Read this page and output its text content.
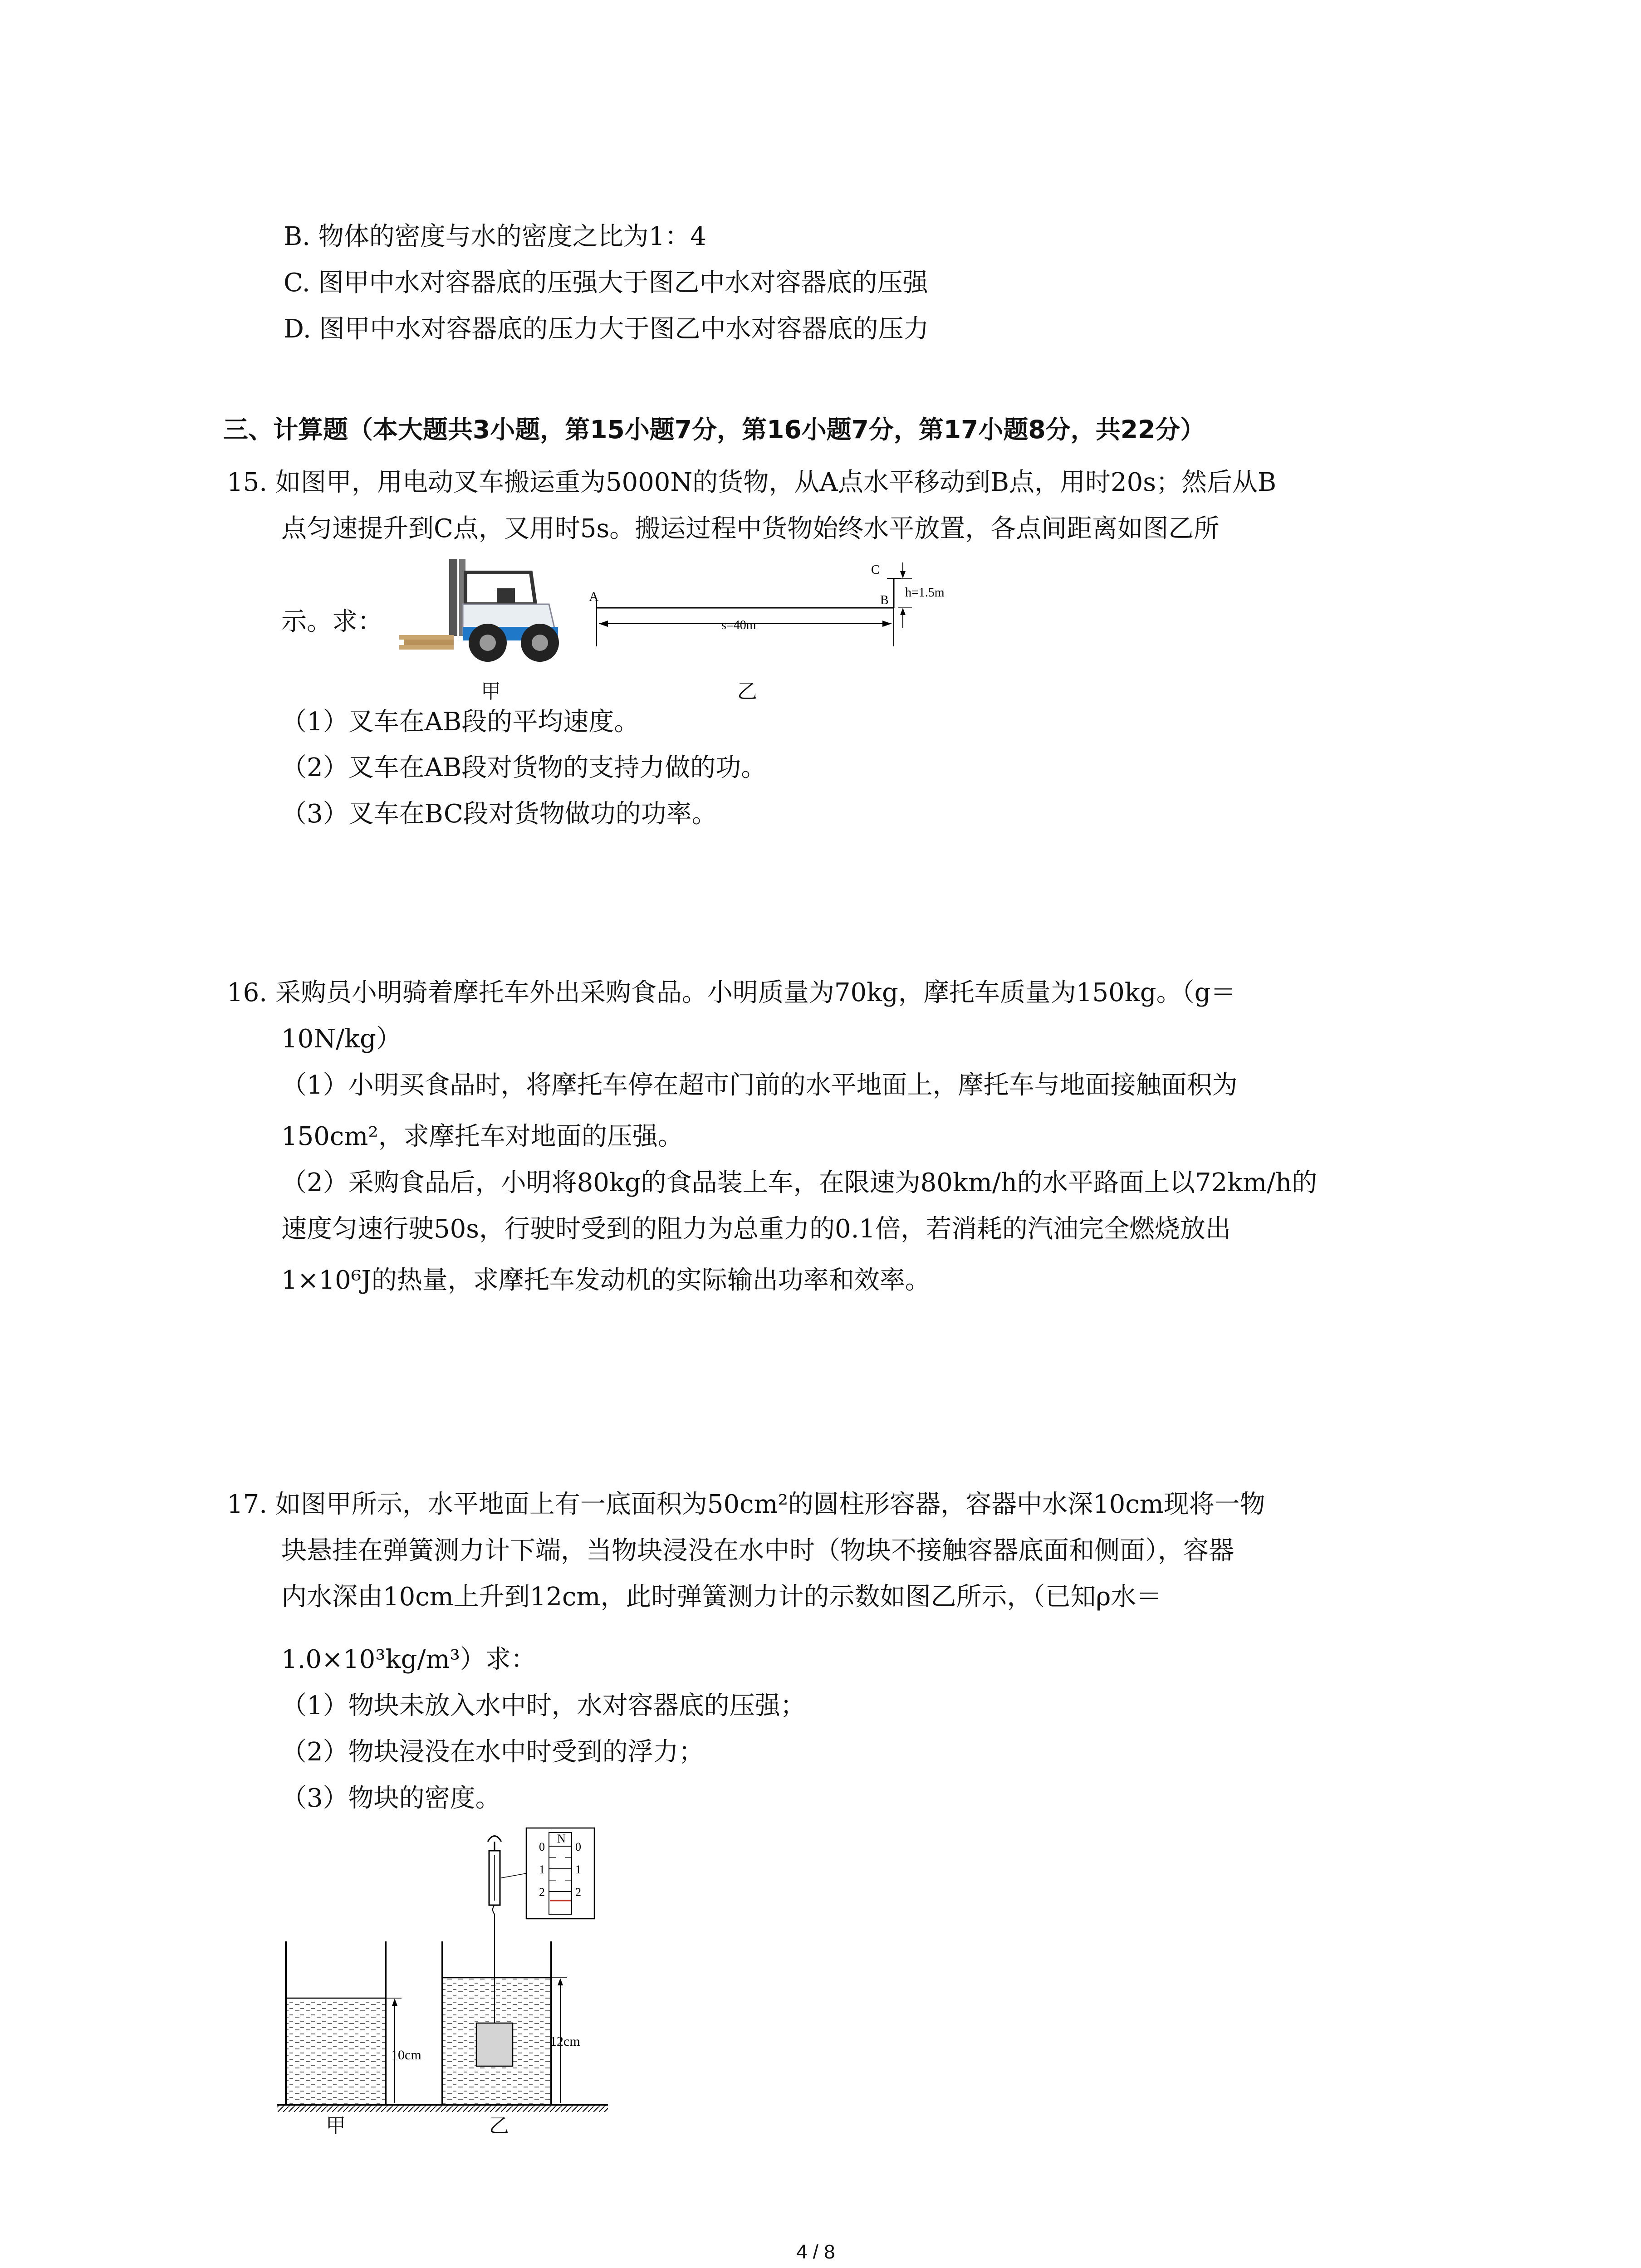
B. 物体的密度与水的密度之比为1：4
C. 图甲中水对容器底的压强大于图乙中水对容器底的压强
D. 图甲中水对容器底的压力大于图乙中水对容器底的压力
三、计算题（本大题共3小题，第15小题7分，第16小题7分，第17小题8分，共22分）
15. 如图甲，用电动叉车搬运重为5000N的货物，从A点水平移动到B点，用时20s；然后从B
点匀速提升到C点，又用时5s。搬运过程中货物始终水平放置，各点间距离如图乙所
示。求：
甲
A	B
C
s=40m
h=1.5m
乙
（1）叉车在AB段的平均速度。
（2）叉车在AB段对货物的支持力做的功。
（3）叉车在BC段对货物做功的功率。
16. 采购员小明骑着摩托车外出采购食品。小明质量为70kg，摩托车质量为150kg。（g＝
10N/kg）
（1）小明买食品时，将摩托车停在超市门前的水平地面上，摩托车与地面接触面积为
150cm²，求摩托车对地面的压强。
（2）采购食品后，小明将80kg的食品装上车，在限速为80km/h的水平路面上以72km/h的
速度匀速行驶50s，行驶时受到的阻力为总重力的0.1倍，若消耗的汽油完全燃烧放出
1×10⁶J的热量，求摩托车发动机的实际输出功率和效率。
17. 如图甲所示，水平地面上有一底面积为50cm²的圆柱形容器，容器中水深10cm现将一物
块悬挂在弹簧测力计下端，当物块浸没在水中时（物块不接触容器底面和侧面），容器
内水深由10cm上升到12cm，此时弹簧测力计的示数如图乙所示，（已知ρ水＝
1.0×10³kg/m³）求：
（1）物块未放入水中时，水对容器底的压强；
（2）物块浸没在水中时受到的浮力；
（3）物块的密度。
10cm
12cm
N
0
1
2
0
1
2
甲	乙
4 / 8
